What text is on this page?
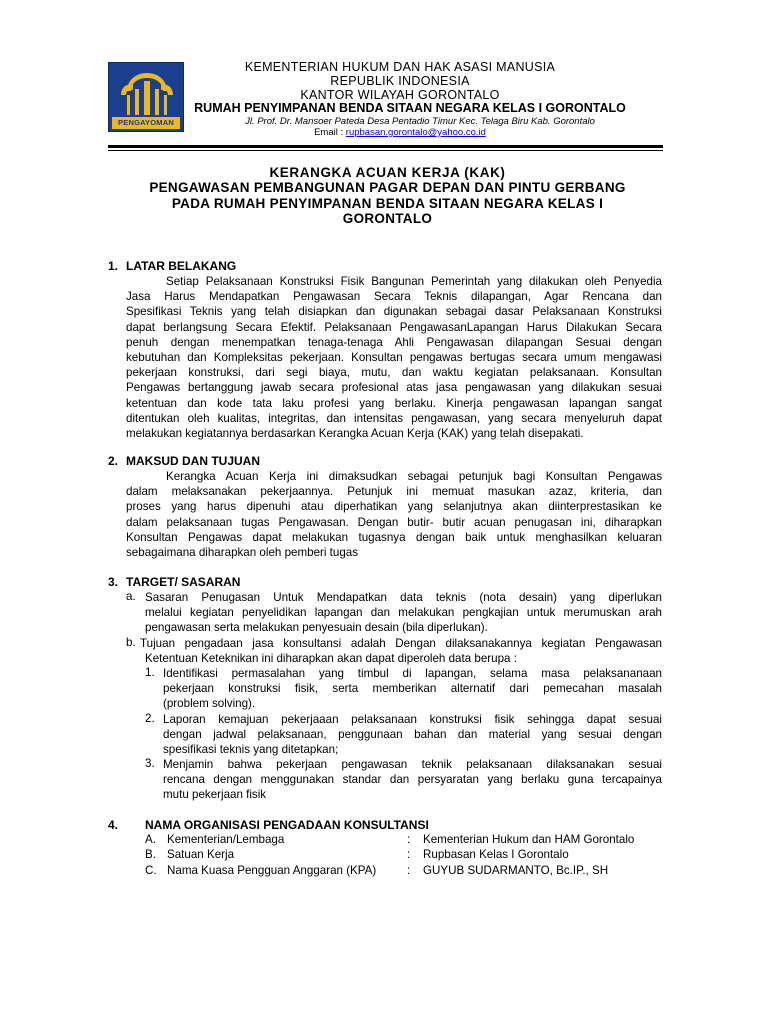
PENGAYOMAN
KEMENTERIAN HUKUM DAN HAK ASASI MANUSIA
REPUBLIK INDONESIA
KANTOR WILAYAH GORONTALO
RUMAH PENYIMPANAN BENDA SITAAN NEGARA KELAS I GORONTALO
Jl. Prof. Dr. Mansoer Pateda Desa Pentadio Timur Kec. Telaga Biru Kab. Gorontalo
Email : rupbasan.gorontalo@yahoo.co.id
KERANGKA ACUAN KERJA (KAK)
PENGAWASAN PEMBANGUNAN PAGAR DEPAN DAN PINTU GERBANG
PADA RUMAH PENYIMPANAN BENDA SITAAN NEGARA KELAS I
GORONTALO
1. LATAR BELAKANG
Setiap Pelaksanaan Konstruksi Fisik Bangunan Pemerintah yang dilakukan oleh Penyedia
Jasa Harus Mendapatkan Pengawasan Secara Teknis dilapangan, Agar Rencana dan
Spesifikasi Teknis yang telah disiapkan dan digunakan sebagai dasar Pelaksanaan Konstruksi
dapat berlangsung Secara Efektif. Pelaksanaan PengawasanLapangan Harus Dilakukan Secara
penuh dengan menempatkan tenaga-tenaga Ahli Pengawasan dilapangan Sesuai dengan
kebutuhan dan Kompleksitas pekerjaan. Konsultan pengawas bertugas secara umum mengawasi
pekerjaan konstruksi, dari segi biaya, mutu, dan waktu kegiatan pelaksanaan. Konsultan
Pengawas bertanggung jawab secara profesional atas jasa pengawasan yang dilakukan sesuai
ketentuan dan kode tata laku profesi yang berlaku. Kinerja pengawasan lapangan sangat
ditentukan oleh kualitas, integritas, dan intensitas pengawasan, yang secara menyeluruh dapat
melakukan kegiatannya berdasarkan Kerangka Acuan Kerja (KAK) yang telah disepakati.
2. MAKSUD DAN TUJUAN
Kerangka Acuan Kerja ini dimaksudkan sebagai petunjuk bagi Konsultan Pengawas
dalam melaksanakan pekerjaannya. Petunjuk ini memuat masukan azaz, kriteria, dan
proses yang harus dipenuhi atau diperhatikan yang selanjutnya akan diinterprestasikan ke
dalam pelaksanaan tugas Pengawasan. Dengan butir- butir acuan penugasan ini, diharapkan
Konsultan Pengawas dapat melakukan tugasnya dengan baik untuk menghasilkan keluaran
sebagaimana diharapkan oleh pemberi tugas
3. TARGET/ SASARAN
a. Sasaran Penugasan Untuk Mendapatkan data teknis (nota desain) yang diperlukan
melalui kegiatan penyelidikan lapangan dan melakukan pengkajian untuk merumuskan arah
pengawasan serta melakukan penyesuain desain (bila diperlukan).
b. Tujuan pengadaan jasa konsultansi adalah Dengan dilaksanakannya kegiatan Pengawasan
Ketentuan Keteknikan ini diharapkan akan dapat diperoleh data berupa :
1. Identifikasi permasalahan yang timbul di lapangan, selama masa pelaksananaan
pekerjaan konstruksi fisik, serta memberikan alternatif dari pemecahan masalah
(problem solving).
2. Laporan kemajuan pekerjaaan pelaksanaan konstruksi fisik sehingga dapat sesuai
dengan jadwal pelaksanaan, penggunaan bahan dan material yang sesuai dengan
spesifikasi teknis yang ditetapkan;
3. Menjamin bahwa pekerjaan pengawasan teknik pelaksanaan dilaksanakan sesuai
rencana dengan menggunakan standar dan persyaratan yang berlaku guna tercapainya
mutu pekerjaan fisik
4. NAMA ORGANISASI PENGADAAN KONSULTANSI
A. Kementerian/Lembaga	: Kementerian Hukum dan HAM Gorontalo
B. Satuan Kerja	: Rupbasan Kelas I Gorontalo
C. Nama Kuasa Pengguan Anggaran (KPA)	: GUYUB SUDARMANTO, Bc.IP., SH
